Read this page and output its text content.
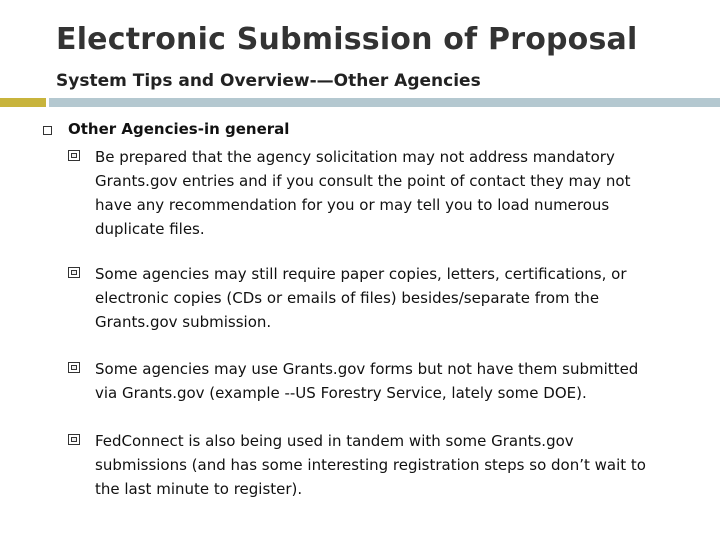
Electronic Submission of Proposal
System Tips and Overview-—Other Agencies
Other Agencies-in general
Be prepared that the agency solicitation may not address mandatory Grants.gov entries and if you consult the point of contact they may not have any recommendation for you or may tell you to load numerous duplicate files.
Some agencies may still require paper copies, letters, certifications, or electronic copies (CDs or emails of files) besides/separate from the Grants.gov submission.
Some agencies may use Grants.gov forms but not have them submitted via Grants.gov (example --US Forestry Service, lately some DOE).
FedConnect is also being used in tandem with some Grants.gov submissions (and has some interesting registration steps so don’t wait to the last minute to register).
